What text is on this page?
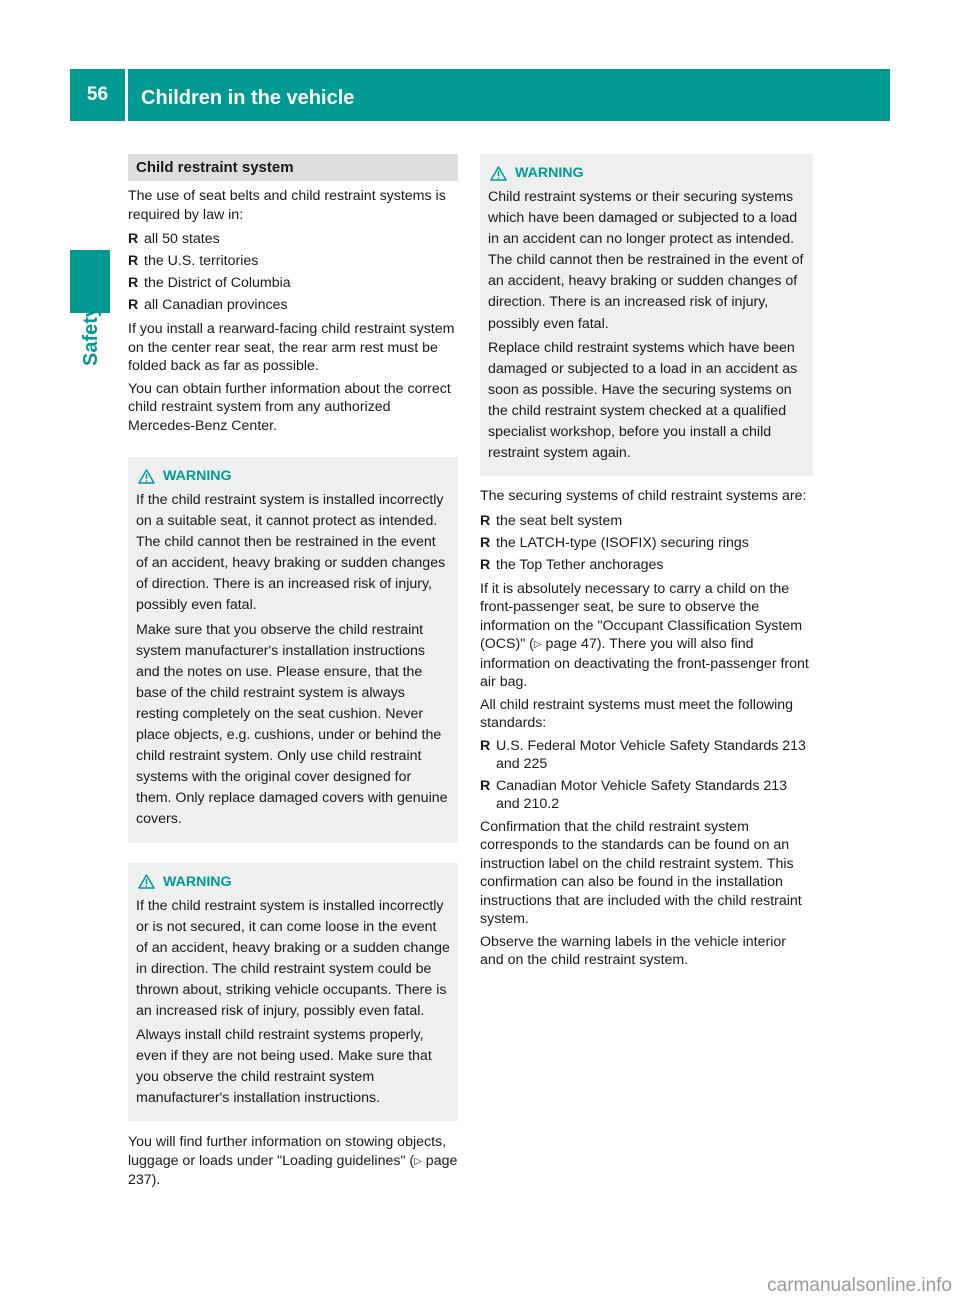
56	Children in the vehicle
Safety
Child restraint system

The use of seat belts and child restraint systems is required by law in:

R all 50 states
R the U.S. territories
R the District of Columbia
R all Canadian provinces

If you install a rearward-facing child restraint system on the center rear seat, the rear arm rest must be folded back as far as possible.

You can obtain further information about the correct child restraint system from any authorized Mercedes-Benz Center.

WARNING

If the child restraint system is installed incorrectly on a suitable seat, it cannot protect as intended. The child cannot then be restrained in the event of an accident, heavy braking or sudden changes of direction. There is an increased risk of injury, possibly even fatal.

Make sure that you observe the child restraint system manufacturer's installation instructions and the notes on use. Please ensure, that the base of the child restraint system is always resting completely on the seat cushion. Never place objects, e.g. cushions, under or behind the child restraint system. Only use child restraint systems with the original cover designed for them. Only replace damaged covers with genuine covers.

WARNING

If the child restraint system is installed incorrectly or is not secured, it can come loose in the event of an accident, heavy braking or a sudden change in direction. The child restraint system could be thrown about, striking vehicle occupants. There is an increased risk of injury, possibly even fatal.

Always install child restraint systems properly, even if they are not being used. Make sure that you observe the child restraint system manufacturer's installation instructions.

You will find further information on stowing objects, luggage or loads under "Loading guidelines" (▷ page 237).

WARNING

Child restraint systems or their securing systems which have been damaged or subjected to a load in an accident can no longer protect as intended. The child cannot then be restrained in the event of an accident, heavy braking or sudden changes of direction. There is an increased risk of injury, possibly even fatal.

Replace child restraint systems which have been damaged or subjected to a load in an accident as soon as possible. Have the securing systems on the child restraint system checked at a qualified specialist workshop, before you install a child restraint system again.

The securing systems of child restraint systems are:

R the seat belt system
R the LATCH-type (ISOFIX) securing rings
R the Top Tether anchorages

If it is absolutely necessary to carry a child on the front-passenger seat, be sure to observe the information on the "Occupant Classification System (OCS)" (▷ page 47). There you will also find information on deactivating the front-passenger front air bag.

All child restraint systems must meet the following standards:

R U.S. Federal Motor Vehicle Safety Standards 213 and 225
R Canadian Motor Vehicle Safety Standards 213 and 210.2

Confirmation that the child restraint system corresponds to the standards can be found on an instruction label on the child restraint system. This confirmation can also be found in the installation instructions that are included with the child restraint system.

Observe the warning labels in the vehicle interior and on the child restraint system.

carmanualsonline.info
